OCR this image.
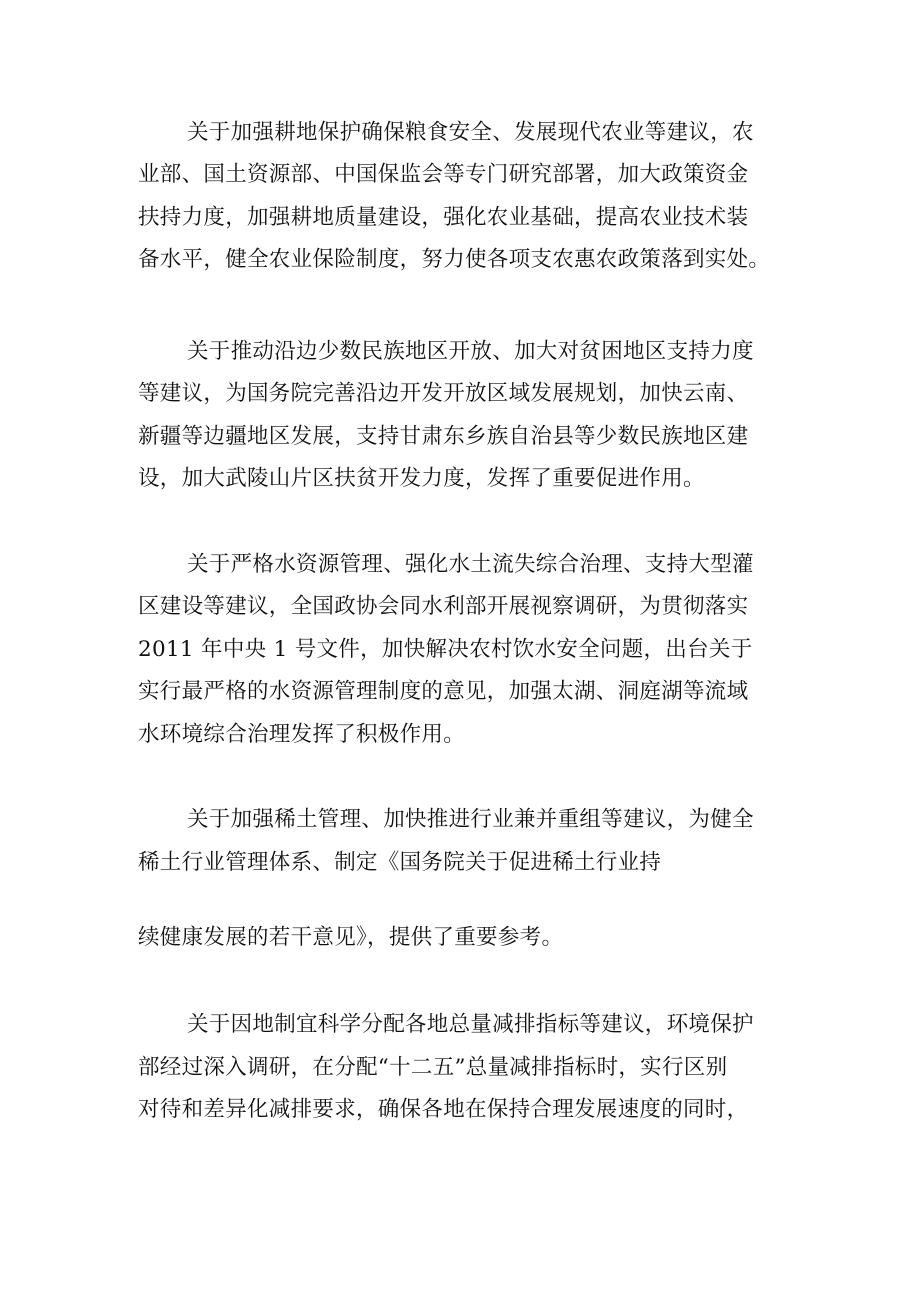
关于加强耕地保护确保粮食安全、发展现代农业等建议，农
业部、国土资源部、中国保监会等专门研究部署，加大政策资金
扶持力度，加强耕地质量建设，强化农业基础，提高农业技术装
备水平，健全农业保险制度，努力使各项支农惠农政策落到实处。
关于推动沿边少数民族地区开放、加大对贫困地区支持力度
等建议，为国务院完善沿边开发开放区域发展规划，加快云南、
新疆等边疆地区发展，支持甘肃东乡族自治县等少数民族地区建
设，加大武陵山片区扶贫开发力度，发挥了重要促进作用。
关于严格水资源管理、强化水土流失综合治理、支持大型灌
区建设等建议，全国政协会同水利部开展视察调研，为贯彻落实
2011 年中央 1 号文件，加快解决农村饮水安全问题，出台关于
实行最严格的水资源管理制度的意见，加强太湖、洞庭湖等流域
水环境综合治理发挥了积极作用。
关于加强稀土管理、加快推进行业兼并重组等建议，为健全
稀土行业管理体系、制定《国务院关于促进稀土行业持
续健康发展的若干意见》，提供了重要参考。
关于因地制宜科学分配各地总量减排指标等建议，环境保护
部经过深入调研，在分配“十二五”总量减排指标时，实行区别
对待和差异化减排要求，确保各地在保持合理发展速度的同时，
